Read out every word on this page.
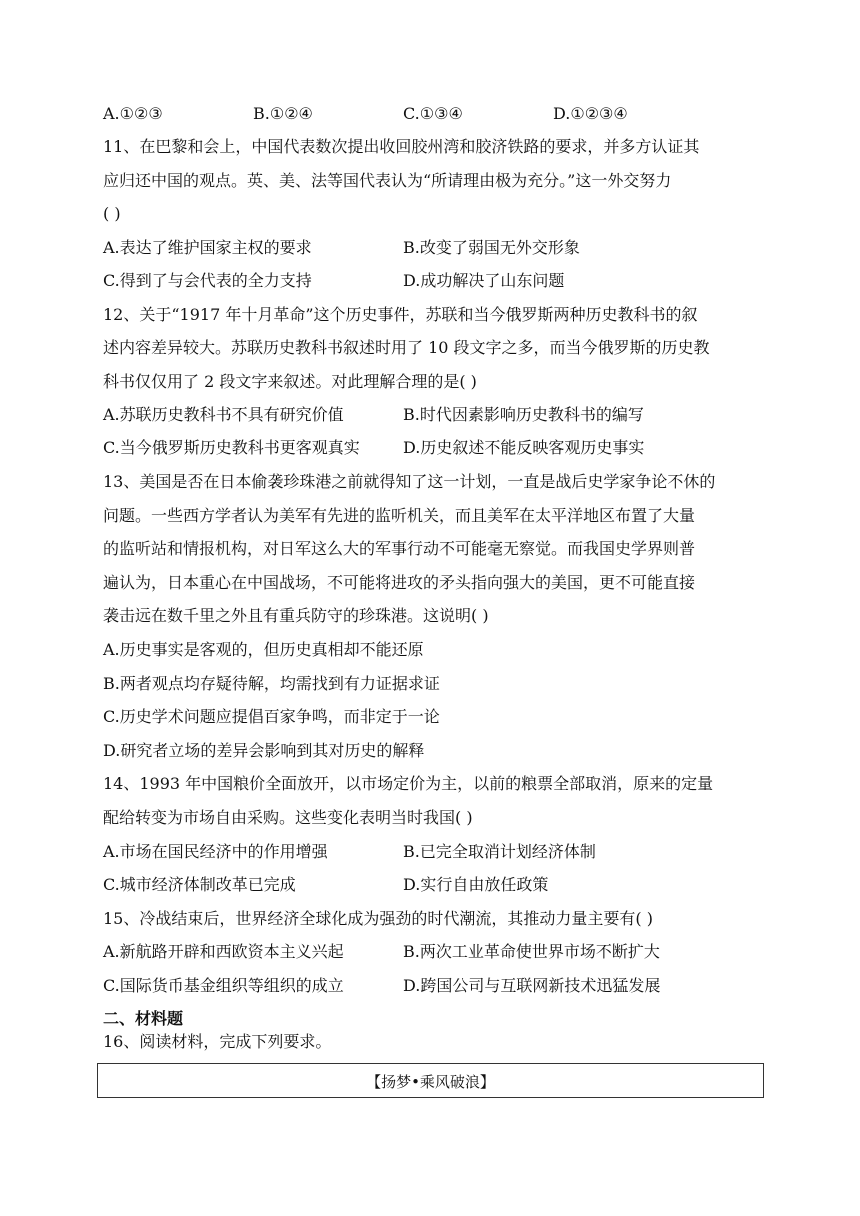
A.①②③	B.①②④	C.①③④	D.①②③④
11、在巴黎和会上，中国代表数次提出收回胶州湾和胶济铁路的要求，并多方认证其
应归还中国的观点。英、美、法等国代表认为“所请理由极为充分。”这一外交努力
( )
A.表达了维护国家主权的要求	B.改变了弱国无外交形象
C.得到了与会代表的全力支持	D.成功解决了山东问题
12、关于“1917 年十月革命”这个历史事件，苏联和当今俄罗斯两种历史教科书的叙
述内容差异较大。苏联历史教科书叙述时用了 10 段文字之多，而当今俄罗斯的历史教
科书仅仅用了 2 段文字来叙述。对此理解合理的是( )
A.苏联历史教科书不具有研究价值	B.时代因素影响历史教科书的编写
C.当今俄罗斯历史教科书更客观真实	D.历史叙述不能反映客观历史事实
13、美国是否在日本偷袭珍珠港之前就得知了这一计划，一直是战后史学家争论不休的
问题。一些西方学者认为美军有先进的监听机关，而且美军在太平洋地区布置了大量
的监听站和情报机构，对日军这么大的军事行动不可能毫无察觉。而我国史学界则普
遍认为，日本重心在中国战场，不可能将进攻的矛头指向强大的美国，更不可能直接
袭击远在数千里之外且有重兵防守的珍珠港。这说明( )
A.历史事实是客观的，但历史真相却不能还原
B.两者观点均存疑待解，均需找到有力证据求证
C.历史学术问题应提倡百家争鸣，而非定于一论
D.研究者立场的差异会影响到其对历史的解释
14、1993 年中国粮价全面放开，以市场定价为主，以前的粮票全部取消，原来的定量
配给转变为市场自由采购。这些变化表明当时我国( )
A.市场在国民经济中的作用增强	B.已完全取消计划经济体制
C.城市经济体制改革已完成	D.实行自由放任政策
15、冷战结束后，世界经济全球化成为强劲的时代潮流，其推动力量主要有( )
A.新航路开辟和西欧资本主义兴起	B.两次工业革命使世界市场不断扩大
C.国际货币基金组织等组织的成立	D.跨国公司与互联网新技术迅猛发展
二、材料题
16、阅读材料，完成下列要求。
【扬梦•乘风破浪】
